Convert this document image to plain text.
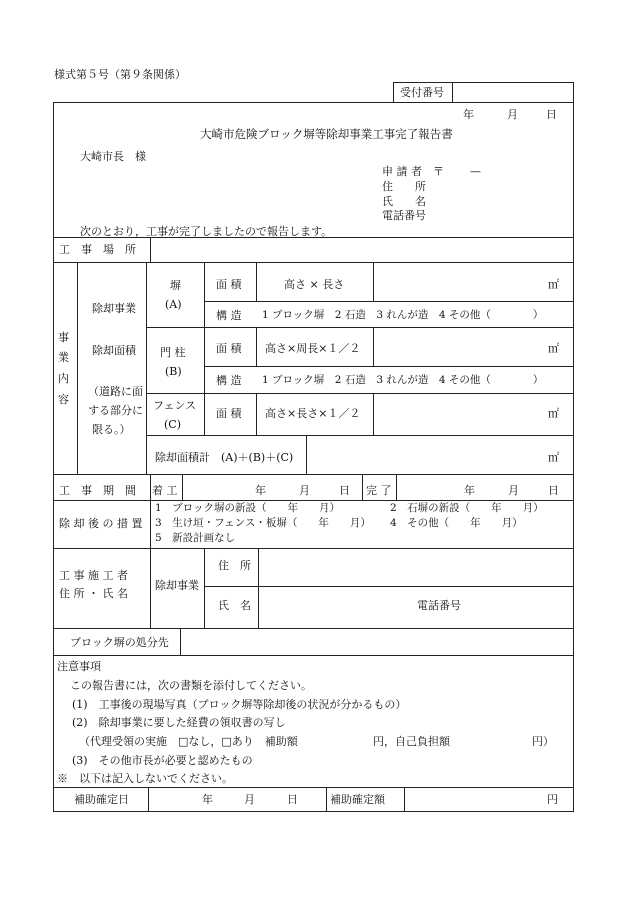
様式第５号（第９条関係）
受付番号
年	月	日
大崎市危険ブロック塀等除却事業工事完了報告書
大崎市長　様
申 請 者 〒 —
住　　所
氏　　名
電話番号
次のとおり，工事が完了しましたので報告します。
工　事　場　所
事
業
内
容
除却事業
除却面積
（道路に面
する部分に
限る。）
塀
(A)
面 積	高さ × 長さ	㎡
構 造 1 ブロック塀　2 石造　3 れんが造　4 その他（　　　　）
門 柱
(B)
面 積 高さ×周長×１／２	㎡
構 造 1 ブロック塀　2 石造　3 れんが造　4 その他（　　　　）
フェンス
(C)
面 積 高さ×長さ×１／２	㎡
除却面積計　(A)＋(B)＋(C)	㎡
工　事　期　間 着 工	年	月	日 完 了	年	月	日
除 却 後 の 措 置
1　ブロック塀の新設（　　年　　月）	2　石塀の新設（　　年　　月）
3　生け垣・フェンス・板塀（　　年　　月） 4　その他（　　年　　月）
5　新設計画なし
工 事 施 工 者
住 所 ・ 氏 名
除却事業
住　所
氏　名	電話番号
ブロック塀の処分先
注意事項
この報告書には，次の書類を添付してください。
(1)　工事後の現場写真（ブロック塀等除却後の状況が分かるもの）
(2)　除却事業に要した経費の領収書の写し
（代理受領の実施　□なし，□あり　補助額	円，自己負担額	円）
(3)　その他市長が必要と認めたもの
※　以下は記入しないでください。
補助確定日	年	月	日	補助確定額	円
